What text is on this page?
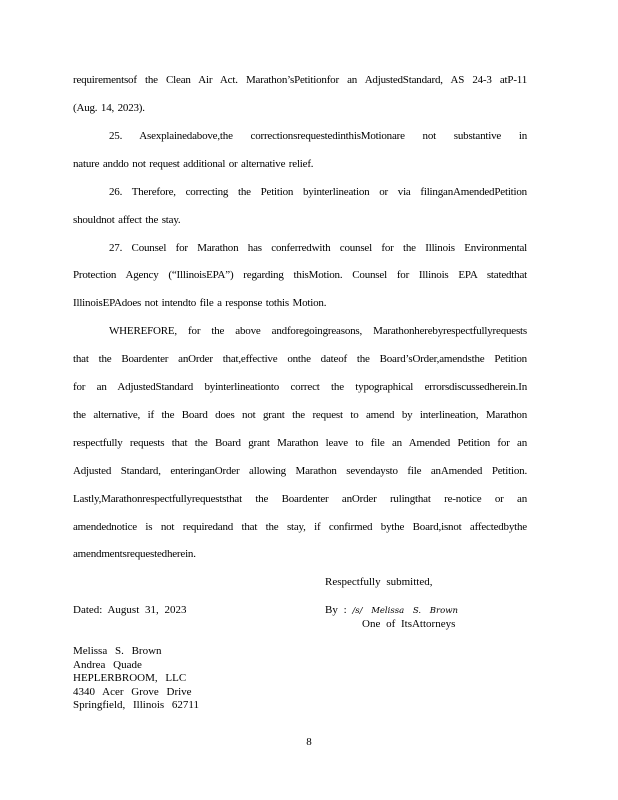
requirementsof the Clean Air Act. Marathon’sPetitionfor an AdjustedStandard, AS 24-3 atP-11
(Aug. 14, 2023).
25. Asexplainedabove,the correctionsrequestedinthisMotionare not substantive in
nature anddo not request additional or alternative relief.
26. Therefore, correcting the Petition byinterlineation or via filinganAmendedPetition
shouldnot affect the stay.
27. Counsel for Marathon has conferredwith counsel for the Illinois Environmental
Protection Agency (“IllinoisEPA”) regarding thisMotion. Counsel for Illinois EPA statedthat
IllinoisEPAdoes not intendto file a response tothis Motion.
WHEREFORE, for the above andforegoingreasons, Marathonherebyrespectfullyrequests
that the Boardenter anOrder that,effective onthe dateof the Board’sOrder,amendsthe Petition
for an AdjustedStandard byinterlineationto correct the typographical errorsdiscussedherein.In
the alternative, if the Board does not grant the request to amend by interlineation, Marathon
respectfully requests that the Board grant Marathon leave to file an Amended Petition for an
Adjusted Standard, enteringanOrder allowing Marathon sevendaysto file anAmended Petition.
Lastly,Marathonrespectfullyrequeststhat the Boardenter anOrder rulingthat re-notice or an
amendednotice is not requiredand that the stay, if confirmed bythe Board,isnot affectedbythe
amendmentsrequestedherein.
Respectfully submitted,
Dated: August 31, 2023	By : /s/ Melissa S. Brown
One of ItsAttorneys
Melissa S. Brown
Andrea Quade
HEPLERBROOM, LLC
4340 Acer Grove Drive
Springfield, Illinois 62711
8
